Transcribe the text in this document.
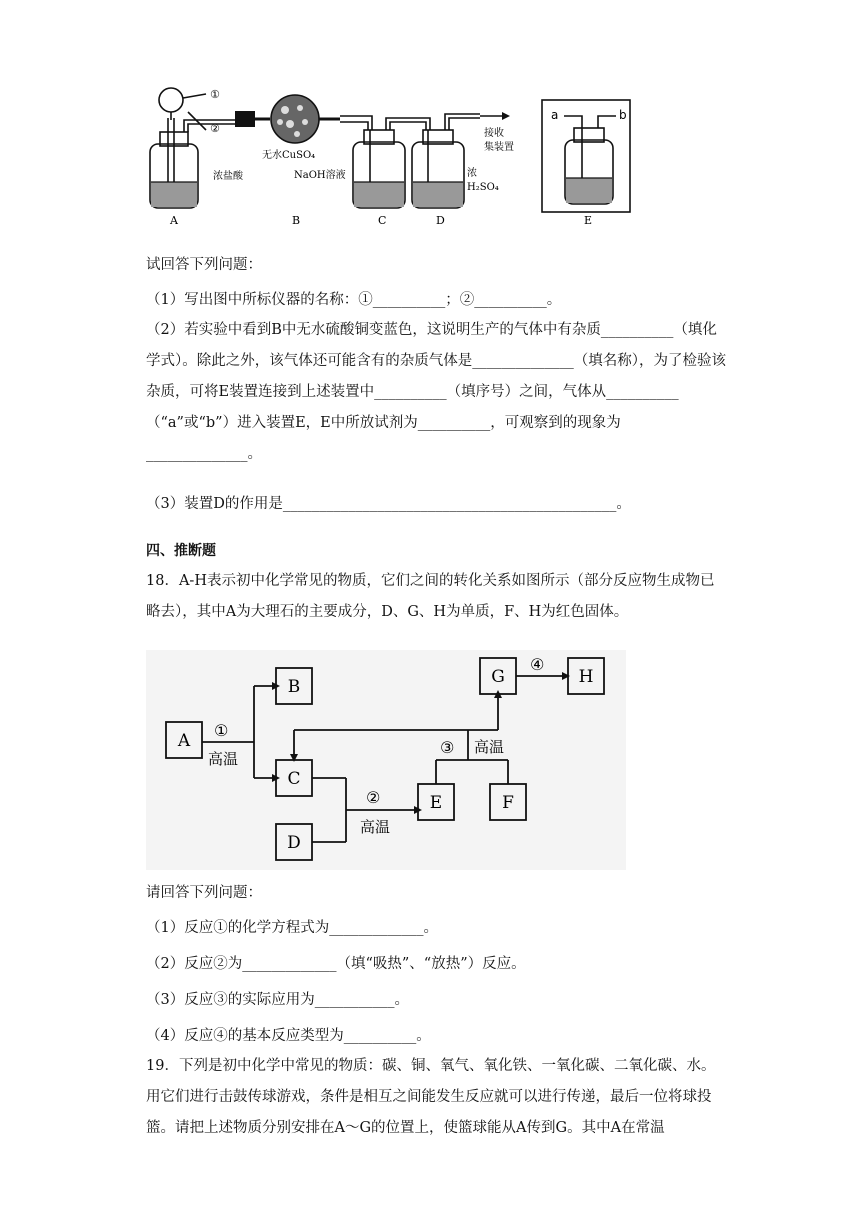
①
②
浓盐酸
无水CuSO₄
NaOH溶液	浓
H₂SO₄
接收
集装置
a	b
A	B	C	D	E
试回答下列问题：
（1）写出图中所标仪器的名称：①__________；②__________。
（2）若实验中看到B中无水硫酸铜变蓝色，这说明生产的气体中有杂质__________（填化学式）。除此之外，该气体还可能含有的杂质气体是______________（填名称），为了检验该杂质，可将E装置连接到上述装置中__________（填序号）之间，气体从__________（“a”或“b”）进入装置E，E中所放试剂为__________，可观察到的现象为______________。
（3）装置D的作用是______________________________________________。
四、推断题
18．A-H表示初中化学常见的物质，它们之间的转化关系如图所示（部分反应物生成物已略去），其中A为大理石的主要成分，D、G、H为单质，F、H为红色固体。
A
B
C
D
E	F
G	H
①
高温
②
高温
③ 高温
④
请回答下列问题：
（1）反应①的化学方程式为_____________。
（2）反应②为_____________（填“吸热”、“放热”）反应。
（3）反应③的实际应用为___________。
（4）反应④的基本反应类型为__________。
19．下列是初中化学中常见的物质：碳、铜、氧气、氧化铁、一氧化碳、二氧化碳、水。用它们进行击鼓传球游戏，条件是相互之间能发生反应就可以进行传递，最后一位将球投篮。请把上述物质分别安排在A～G的位置上，使篮球能从A传到G。其中A在常温
